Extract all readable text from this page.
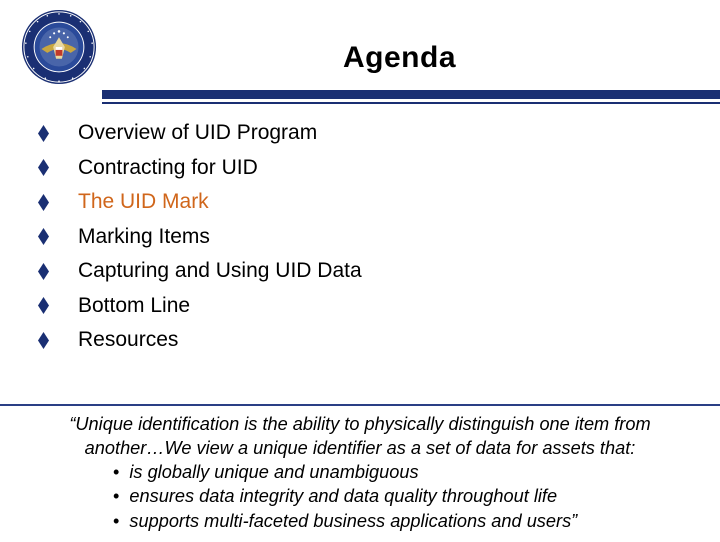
Agenda
Overview of UID Program
Contracting for UID
The UID Mark
Marking Items
Capturing and Using UID Data
Bottom Line
Resources
“Unique identification is the ability to physically distinguish one item from
another…We view a unique identifier as a set of data for assets that:
• is globally unique and unambiguous
• ensures data integrity and data quality throughout life
• supports multi-faceted business applications and users”
